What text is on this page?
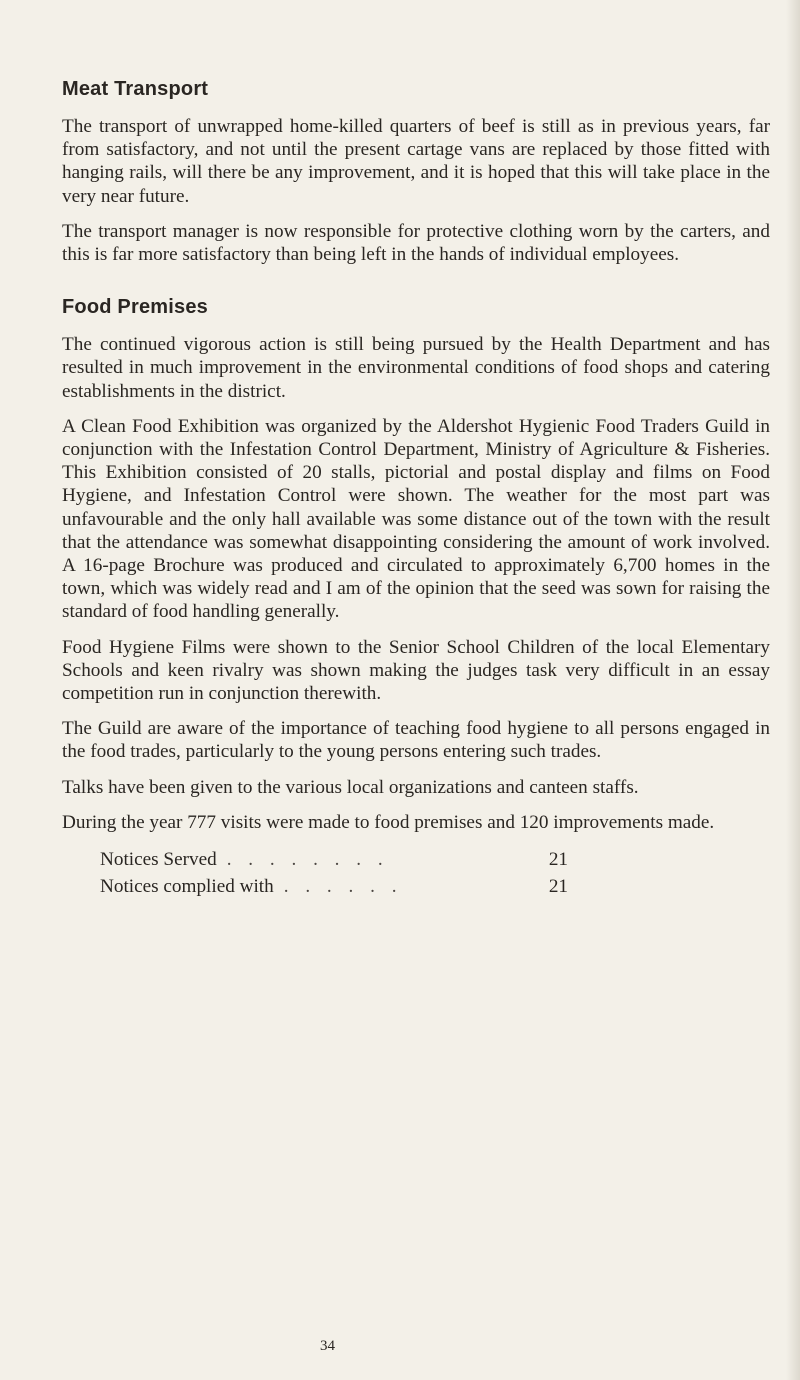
Meat Transport

The transport of unwrapped home-killed quarters of beef is still as in previous years, far from satisfactory, and not until the present cartage vans are replaced by those fitted with hanging rails, will there be any improvement, and it is hoped that this will take place in the very near future.

The transport manager is now responsible for protective clothing worn by the carters, and this is far more satisfactory than being left in the hands of individual employees.

Food Premises

The continued vigorous action is still being pursued by the Health Department and has resulted in much improvement in the environmental conditions of food shops and catering establishments in the district.

A Clean Food Exhibition was organized by the Aldershot Hygienic Food Traders Guild in conjunction with the Infestation Control Department, Ministry of Agriculture & Fisheries. This Exhibition consisted of 20 stalls, pictorial and postal display and films on Food Hygiene, and Infestation Control were shown. The weather for the most part was unfavourable and the only hall available was some distance out of the town with the result that the attendance was somewhat disappointing considering the amount of work involved. A 16-page Brochure was produced and circulated to approximately 6,700 homes in the town, which was widely read and I am of the opinion that the seed was sown for raising the standard of food handling generally.

Food Hygiene Films were shown to the Senior School Children of the local Elementary Schools and keen rivalry was shown making the judges task very difficult in an essay competition run in conjunction therewith.

The Guild are aware of the importance of teaching food hygiene to all persons engaged in the food trades, particularly to the young persons entering such trades.

Talks have been given to the various local organizations and canteen staffs.

During the year 777 visits were made to food premises and 120 improvements made.

Notices Served . . . . . . . .	21
Notices complied with . . . . . .	21
34
